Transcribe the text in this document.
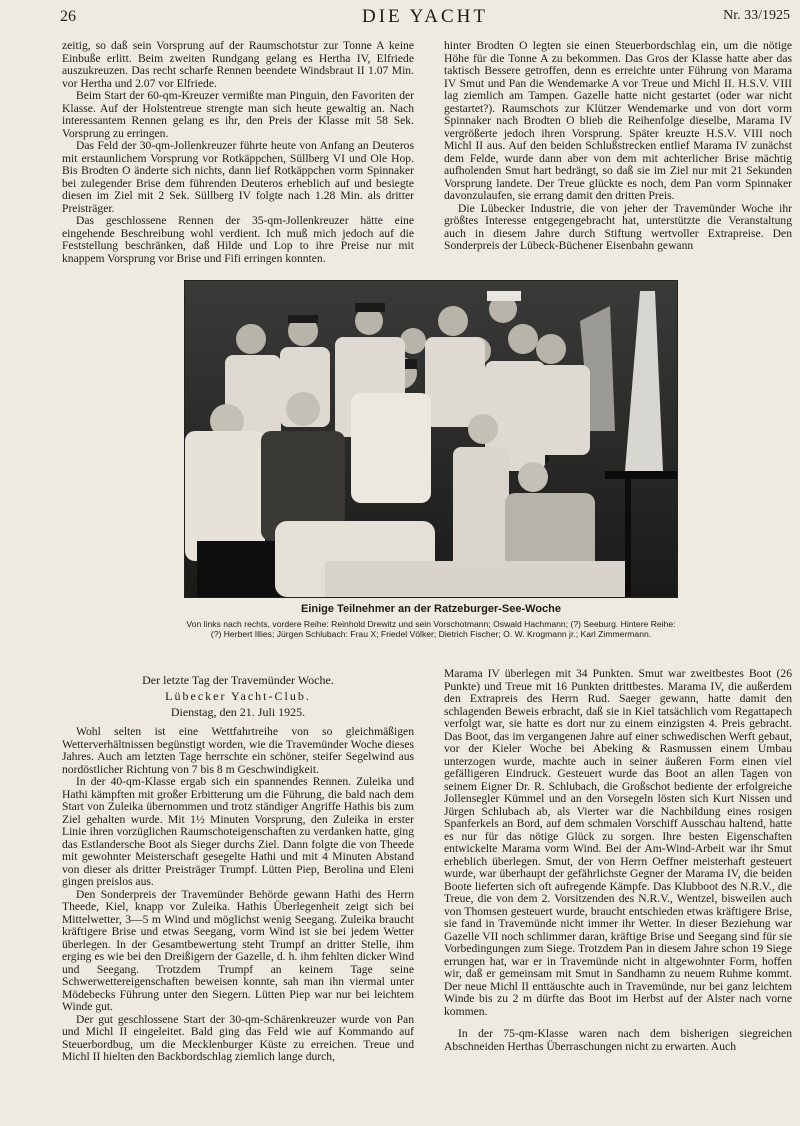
26	DIE YACHT	Nr. 33/1925

zeitig, so daß sein Vorsprung auf der Raumschotstur zur Tonne A keine Einbuße erlitt. Beim zweiten Rundgang gelang es Hertha IV, Elfriede auszukreuzen. Das recht scharfe Rennen beendete Windsbraut II 1.07 Min. vor Hertha und 2.07 vor Elfriede.

Beim Start der 60-qm-Kreuzer vermißte man Pinguin, den Favoriten der Klasse. Auf der Holstentreue strengte man sich heute gewaltig an. Nach interessantem Rennen gelang es ihr, den Preis der Klasse mit 58 Sek. Vorsprung zu erringen.

Das Feld der 30-qm-Jollenkreuzer führte heute von Anfang an Deuteros mit erstaunlichem Vorsprung vor Rotkäppchen, Süllberg VI und Ole Hop. Bis Brodten O änderte sich nichts, dann lief Rotkäppchen vorm Spinnaker bei zulegender Brise dem führenden Deuteros erheblich auf und besiegte diesen im Ziel mit 2 Sek. Süllberg IV folgte nach 1.28 Min. als dritter Preisträger.

Das geschlossene Rennen der 35-qm-Jollenkreuzer hätte eine eingehende Beschreibung wohl verdient. Ich muß mich jedoch auf die Feststellung beschränken, daß Hilde und Lop to ihre Preise nur mit knappem Vorsprung vor Brise und Fifi erringen konnten.

hinter Brodten O legten sie einen Steuerbordschlag ein, um die nötige Höhe für die Tonne A zu bekommen. Das Gros der Klasse hatte aber das taktisch Bessere getroffen, denn es erreichte unter Führung von Marama IV Smut und Pan die Wendemarke A vor Treue und Michl II. H.S.V. VIII lag ziemlich am Tampen. Gazelle hatte nicht gestartet (oder war nicht gestartet?). Raumschots zur Klützer Wendemarke und von dort vorm Spinnaker nach Brodten O blieb die Reihenfolge dieselbe, Marama IV vergrößerte jedoch ihren Vorsprung. Später kreuzte H.S.V. VIII noch Michl II aus. Auf den beiden Schlußstrecken entlief Marama IV zunächst dem Felde, wurde dann aber von dem mit achterlicher Brise mächtig aufholenden Smut hart bedrängt, so daß sie im Ziel nur mit 21 Sekunden Vorsprung landete. Der Treue glückte es noch, dem Pan vorm Spinnaker davonzulaufen, sie errang damit den dritten Preis.

Die Lübecker Industrie, die von jeher der Travemünder Woche ihr größtes Interesse entgegengebracht hat, unterstützte die Veranstaltung auch in diesem Jahre durch Stiftung wertvoller Extrapreise. Den Sonderpreis der Lübeck-Büchener Eisenbahn gewann

Einige Teilnehmer an der Ratzeburger-See-Woche
Von links nach rechts, vordere Reihe: Reinhold Drewitz und sein Vorschotmann; Oswald Hachmann; (?) Seeburg. Hintere Reihe: (?) Herbert Illies; Jürgen Schlubach: Frau X; Friedel Völker; Dietrich Fischer; O. W. Krogmann jr.; Karl Zimmermann.

Der letzte Tag der Travemünder Woche.

Lübecker Yacht-Club.

Dienstag, den 21. Juli 1925.

Wohl selten ist eine Wettfahrtreihe von so gleichmäßigen Wetterverhältnissen begünstigt worden, wie die Travemünder Woche dieses Jahres. Auch am letzten Tage herrschte ein schöner, steifer Segelwind aus nordöstlicher Richtung von 7 bis 8 m Geschwindigkeit.

In der 40-qm-Klasse ergab sich ein spannendes Rennen. Zuleika und Hathi kämpften mit großer Erbitterung um die Führung, die bald nach dem Start von Zuleika übernommen und trotz ständiger Angriffe Hathis bis zum Ziel gehalten wurde. Mit 1½ Minuten Vorsprung, den Zuleika in erster Linie ihren vorzüglichen Raumschoteigenschaften zu verdanken hatte, ging das Estlandersche Boot als Sieger durchs Ziel. Dann folgte die von Theede mit gewohnter Meisterschaft gesegelte Hathi und mit 4 Minuten Abstand von dieser als dritter Preisträger Trumpf. Lütten Piep, Berolina und Eleni gingen preislos aus.

Den Sonderpreis der Travemünder Behörde gewann Hathi des Herrn Theede, Kiel, knapp vor Zuleika. Hathis Überlegenheit zeigt sich bei Mittelwetter, 3—5 m Wind und möglichst wenig Seegang. Zuleika braucht kräftigere Brise und etwas Seegang, vorm Wind ist sie bei jedem Wetter überlegen. In der Gesamtbewertung steht Trumpf an dritter Stelle, ihm erging es wie bei den Dreißigern der Gazelle, d. h. ihm fehlten dicker Wind und Seegang. Trotzdem Trumpf an keinem Tage seine Schwerwettereigenschaften beweisen konnte, sah man ihn viermal unter Mödebecks Führung unter den Siegern. Lütten Piep war nur bei leichtem Winde gut.

Der gut geschlossene Start der 30-qm-Schärenkreuzer wurde von Pan und Michl II eingeleitet. Bald ging das Feld wie auf Kommando auf Steuerbordbug, um die Mecklenburger Küste zu erreichen. Treue und Michl II hielten den Backbordschlag ziemlich lange durch,

Marama IV überlegen mit 34 Punkten. Smut war zweitbestes Boot (26 Punkte) und Treue mit 16 Punkten drittbestes. Marama IV, die außerdem den Extrapreis des Herrn Rud. Saeger gewann, hatte damit den schlagenden Beweis erbracht, daß sie in Kiel tatsächlich vom Regattapech verfolgt war, sie hatte es dort nur zu einem einzigsten 4. Preis gebracht. Das Boot, das im vergangenen Jahre auf einer schwedischen Werft gebaut, vor der Kieler Woche bei Abeking & Rasmussen einem Umbau unterzogen wurde, machte auch in seiner äußeren Form einen viel gefälligeren Eindruck. Gesteuert wurde das Boot an allen Tagen von seinem Eigner Dr. R. Schlubach, die Großschot bediente der erfolgreiche Jollensegler Kümmel und an den Vorsegeln lösten sich Kurt Nissen und Jürgen Schlubach ab, als Vierter war die Nachbildung eines rosigen Spanferkels an Bord, auf dem schmalen Vorschiff Ausschau haltend, hatte es nur für das nötige Glück zu sorgen. Ihre besten Eigenschaften entwickelte Marama vorm Wind. Bei der Am-Wind-Arbeit war ihr Smut erheblich überlegen. Smut, der von Herrn Oeffner meisterhaft gesteuert wurde, war überhaupt der gefährlichste Gegner der Marama IV, die beiden Boote lieferten sich oft aufregende Kämpfe. Das Klubboot des N.R.V., die Treue, die von dem 2. Vorsitzenden des N.R.V., Wentzel, bisweilen auch von Thomsen gesteuert wurde, braucht entschieden etwas kräftigere Brise, sie fand in Travemünde nicht immer ihr Wetter. In dieser Beziehung war Gazelle VII noch schlimmer daran, kräftige Brise und Seegang sind für sie Vorbedingungen zum Siege. Trotzdem Pan in diesem Jahre schon 19 Siege errungen hat, war er in Travemünde nicht in altgewohnter Form, hoffen wir, daß er gemeinsam mit Smut in Sandhamn zu neuem Ruhme kommt. Der neue Michl II enttäuschte auch in Travemünde, nur bei ganz leichtem Winde bis zu 2 m dürfte das Boot im Herbst auf der Alster nach vorne kommen.

In der 75-qm-Klasse waren nach dem bisherigen siegreichen Abschneiden Herthas Überraschungen nicht zu erwarten. Auch
